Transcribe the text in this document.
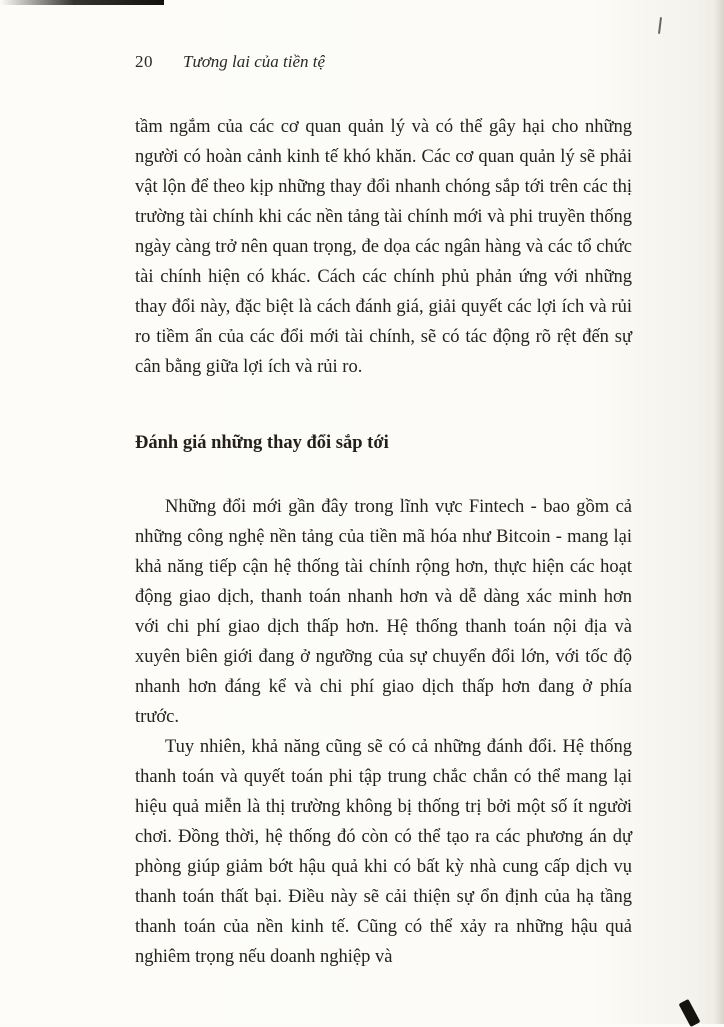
20 Tương lai của tiền tệ

tầm ngắm của các cơ quan quản lý và có thể gây hại cho những người có hoàn cảnh kinh tế khó khăn. Các cơ quan quản lý sẽ phải vật lộn để theo kịp những thay đổi nhanh chóng sắp tới trên các thị trường tài chính khi các nền tảng tài chính mới và phi truyền thống ngày càng trở nên quan trọng, đe dọa các ngân hàng và các tổ chức tài chính hiện có khác. Cách các chính phủ phản ứng với những thay đổi này, đặc biệt là cách đánh giá, giải quyết các lợi ích và rủi ro tiềm ẩn của các đổi mới tài chính, sẽ có tác động rõ rệt đến sự cân bằng giữa lợi ích và rủi ro.

Đánh giá những thay đổi sắp tới

Những đổi mới gần đây trong lĩnh vực Fintech - bao gồm cả những công nghệ nền tảng của tiền mã hóa như Bitcoin - mang lại khả năng tiếp cận hệ thống tài chính rộng hơn, thực hiện các hoạt động giao dịch, thanh toán nhanh hơn và dễ dàng xác minh hơn với chi phí giao dịch thấp hơn. Hệ thống thanh toán nội địa và xuyên biên giới đang ở ngưỡng của sự chuyển đổi lớn, với tốc độ nhanh hơn đáng kể và chi phí giao dịch thấp hơn đang ở phía trước.

Tuy nhiên, khả năng cũng sẽ có cả những đánh đổi. Hệ thống thanh toán và quyết toán phi tập trung chắc chắn có thể mang lại hiệu quả miễn là thị trường không bị thống trị bởi một số ít người chơi. Đồng thời, hệ thống đó còn có thể tạo ra các phương án dự phòng giúp giảm bớt hậu quả khi có bất kỳ nhà cung cấp dịch vụ thanh toán thất bại. Điều này sẽ cải thiện sự ổn định của hạ tầng thanh toán của nền kinh tế. Cũng có thể xảy ra những hậu quả nghiêm trọng nếu doanh nghiệp và
